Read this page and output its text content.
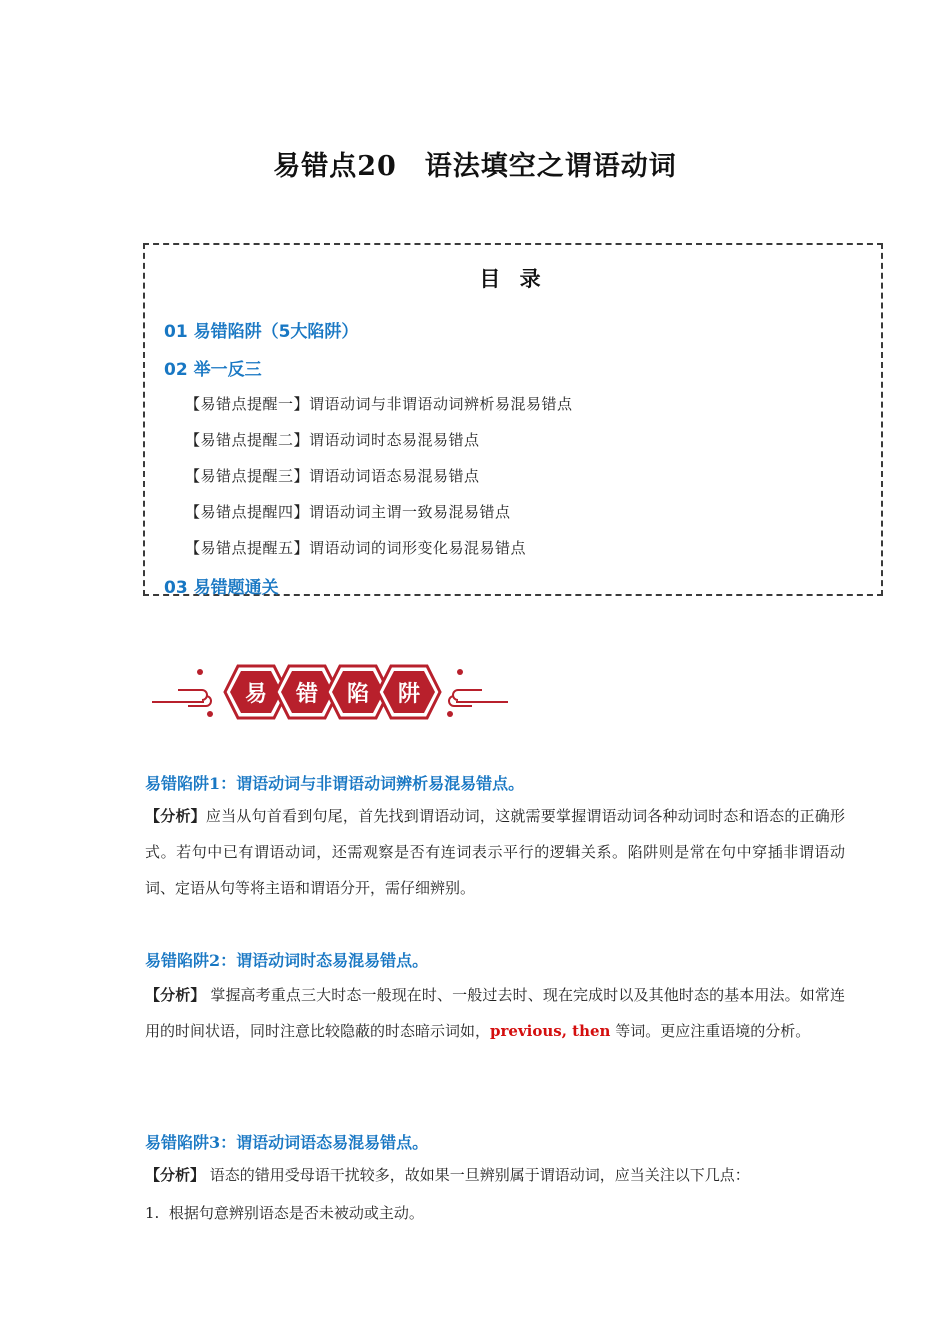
易错点20　语法填空之谓语动词
目 录
01 易错陷阱（5大陷阱）
02 举一反三
【易错点提醒一】谓语动词与非谓语动词辨析易混易错点
【易错点提醒二】谓语动词时态易混易错点
【易错点提醒三】谓语动词语态易混易错点
【易错点提醒四】谓语动词主谓一致易混易错点
【易错点提醒五】谓语动词的词形变化易混易错点
03 易错题通关
易 错 陷 阱
易错陷阱1：谓语动词与非谓语动词辨析易混易错点。
【分析】应当从句首看到句尾，首先找到谓语动词，这就需要掌握谓语动词各种动词时态和语态的正确形式。若句中已有谓语动词，还需观察是否有连词表示平行的逻辑关系。陷阱则是常在句中穿插非谓语动词、定语从句等将主语和谓语分开，需仔细辨别。
易错陷阱2：谓语动词时态易混易错点。
【分析】 掌握高考重点三大时态一般现在时、一般过去时、现在完成时以及其他时态的基本用法。如常连用的时间状语，同时注意比较隐蔽的时态暗示词如，previous, then 等词。更应注重语境的分析。
易错陷阱3：谓语动词语态易混易错点。
【分析】 语态的错用受母语干扰较多，故如果一旦辨别属于谓语动词，应当关注以下几点：
1. 根据句意辨别语态是否未被动或主动。
